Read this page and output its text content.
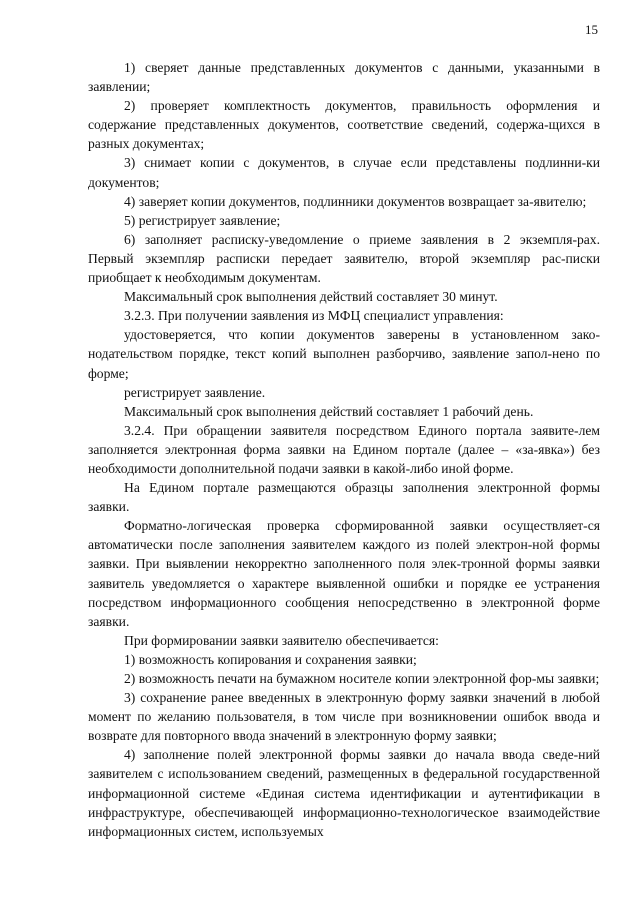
15

1) сверяет данные представленных документов с данными, указанными в заявлении;

2) проверяет комплектность документов, правильность оформления и содержание представленных документов, соответствие сведений, содержа-щихся в разных документах;

3) снимает копии с документов, в случае если представлены подлинни-ки документов;

4) заверяет копии документов, подлинники документов возвращает за-явителю;

5) регистрирует заявление;

6) заполняет расписку-уведомление о приеме заявления в 2 экземпля-рах. Первый экземпляр расписки передает заявителю, второй экземпляр рас-писки приобщает к необходимым документам.

Максимальный срок выполнения действий составляет 30 минут.

3.2.3. При получении заявления из МФЦ специалист управления:

удостоверяется, что копии документов заверены в установленном зако-нодательством порядке, текст копий выполнен разборчиво, заявление запол-нено по форме;

регистрирует заявление.

Максимальный срок выполнения действий составляет 1 рабочий день.

3.2.4. При обращении заявителя посредством Единого портала заявите-лем заполняется электронная форма заявки на Едином портале (далее – «за-явка») без необходимости дополнительной подачи заявки в какой-либо иной форме.

На Едином портале размещаются образцы заполнения электронной формы заявки.

Форматно-логическая проверка сформированной заявки осуществляет-ся автоматически после заполнения заявителем каждого из полей электрон-ной формы заявки. При выявлении некорректно заполненного поля элек-тронной формы заявки заявитель уведомляется о характере выявленной ошибки и порядке ее устранения посредством информационного сообщения непосредственно в электронной форме заявки.

При формировании заявки заявителю обеспечивается:

1) возможность копирования и сохранения заявки;

2) возможность печати на бумажном носителе копии электронной фор-мы заявки;

3) сохранение ранее введенных в электронную форму заявки значений в любой момент по желанию пользователя, в том числе при возникновении ошибок ввода и возврате для повторного ввода значений в электронную форму заявки;

4) заполнение полей электронной формы заявки до начала ввода сведе-ний заявителем с использованием сведений, размещенных в федеральной государственной информационной системе «Единая система идентификации и аутентификации в инфраструктуре, обеспечивающей информационно-технологическое взаимодействие информационных систем, используемых
